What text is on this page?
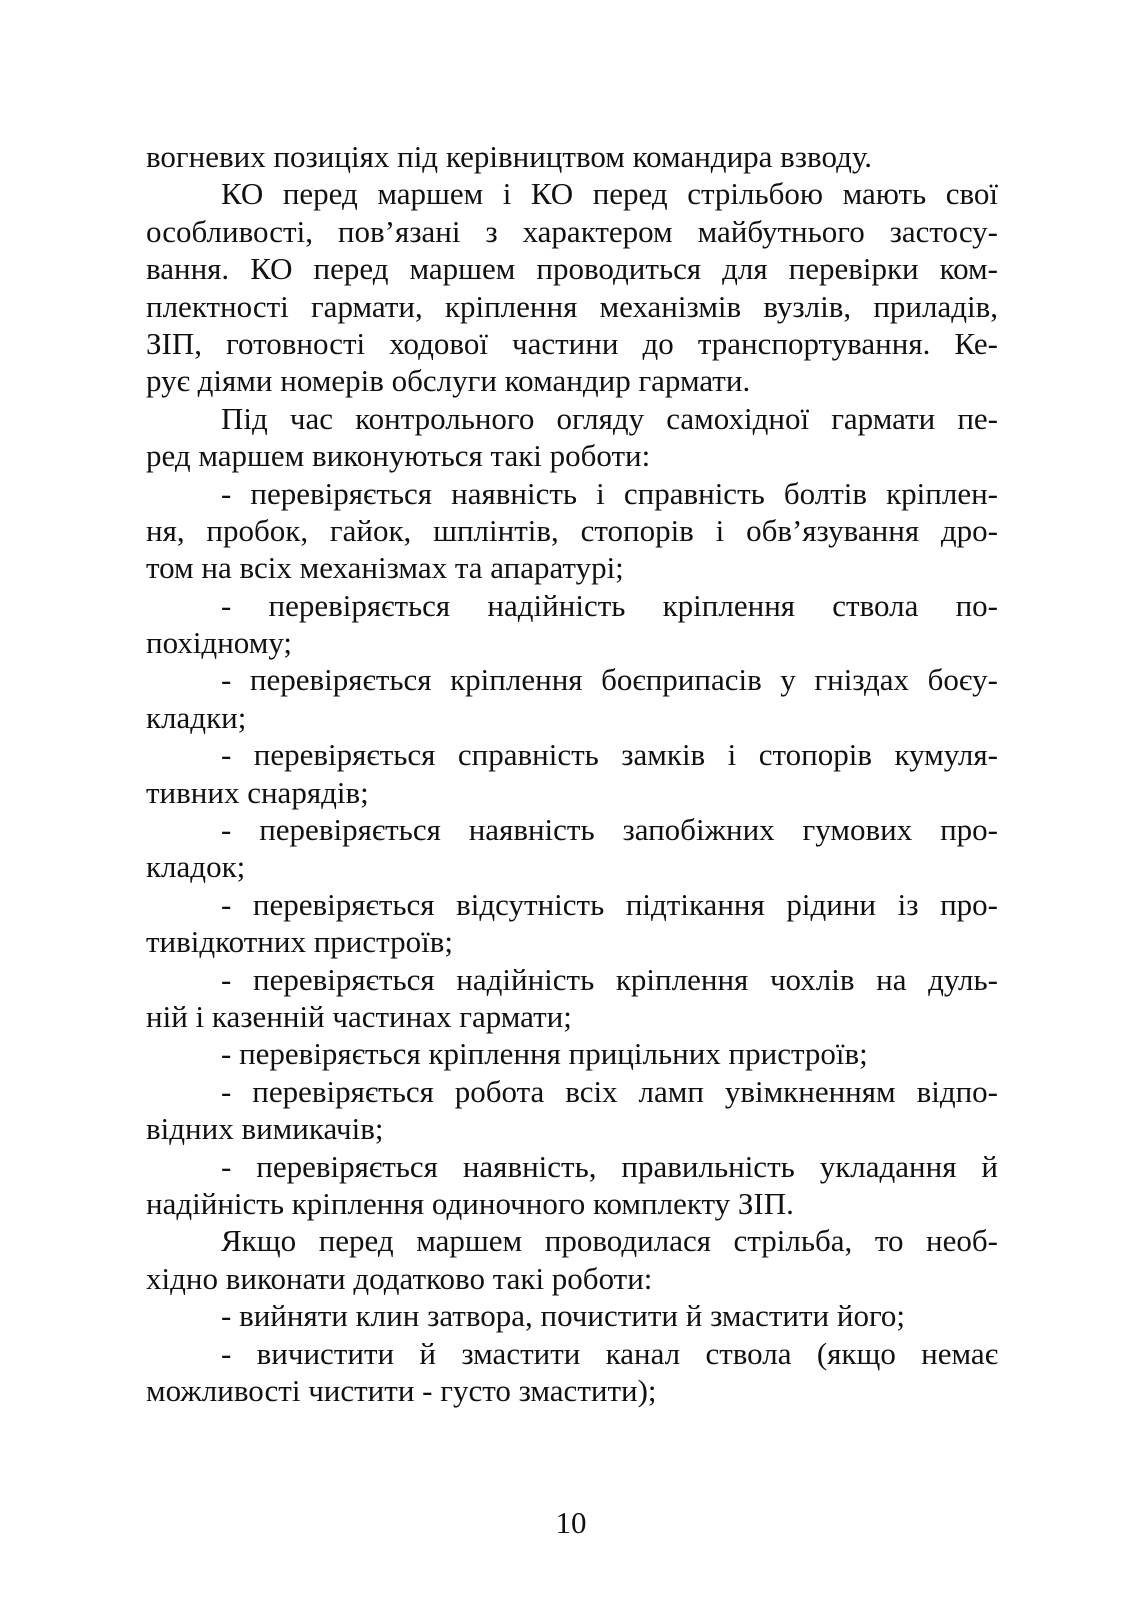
вогневих позиціях під керівництвом командира взводу.
КО перед маршем і КО перед стрільбою мають свої
особливості, пов’язані з характером майбутнього застосу-
вання. КО перед маршем проводиться для перевірки ком-
плектності гармати, кріплення механізмів вузлів, приладів,
ЗІП, готовності ходової частини до транспортування. Ке-
рує діями номерів обслуги командир гармати.
Під час контрольного огляду самохідної гармати пе-
ред маршем виконуються такі роботи:
- перевіряється наявність і справність болтів кріплен-
ня, пробок, гайок, шплінтів, стопорів і обв’язування дро-
том на всіх механізмах та апаратурі;
- перевіряється надійність кріплення ствола по-
похідному;
- перевіряється кріплення боєприпасів у гніздах боєу-
кладки;
- перевіряється справність замків і стопорів кумуля-
тивних снарядів;
- перевіряється наявність запобіжних гумових про-
кладок;
- перевіряється відсутність підтікання рідини із про-
тивідкотних пристроїв;
- перевіряється надійність кріплення чохлів на дуль-
ній і казенній частинах гармати;
- перевіряється кріплення прицільних пристроїв;
- перевіряється робота всіх ламп увімкненням відпо-
відних вимикачів;
- перевіряється наявність, правильність укладання й
надійність кріплення одиночного комплекту ЗІП.
Якщо перед маршем проводилася стрільба, то необ-
хідно виконати додатково такі роботи:
- вийняти клин затвора, почистити й змастити його;
- вичистити й змастити канал ствола (якщо немає
можливості чистити - густо змастити);
10
